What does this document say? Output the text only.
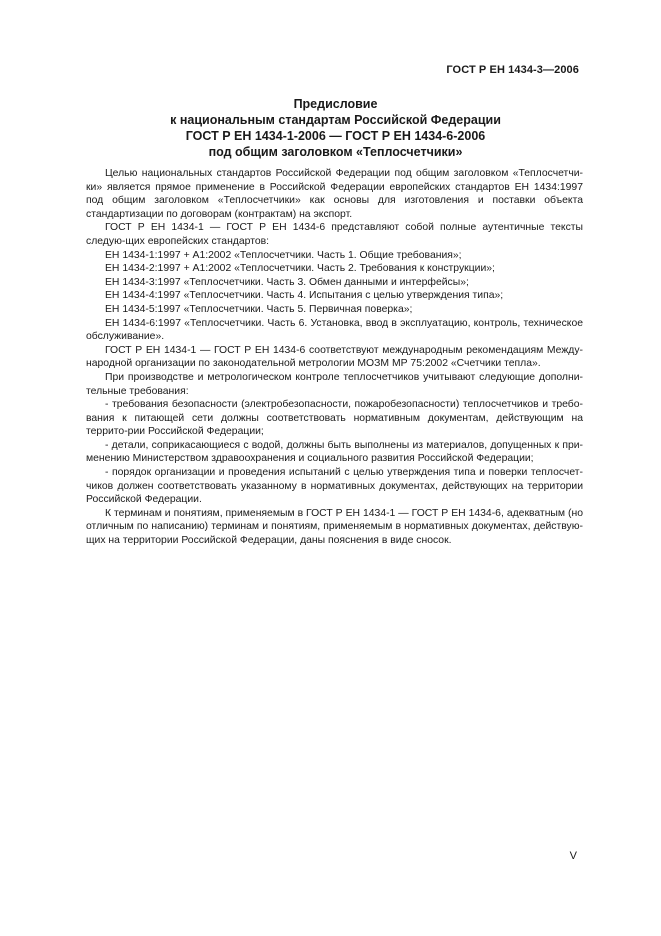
ГОСТ Р ЕН 1434-3—2006
Предисловие
к национальным стандартам Российской Федерации
ГОСТ Р ЕН 1434-1-2006 — ГОСТ Р ЕН 1434-6-2006
под общим заголовком «Теплосчетчики»

Целью национальных стандартов Российской Федерации под общим заголовком «Теплосчетчи-ки» является прямое применение в Российской Федерации европейских стандартов ЕН 1434:1997 под общим заголовком «Теплосчетчики» как основы для изготовления и поставки объекта стандартизации по договорам (контрактам) на экспорт.

ГОСТ Р ЕН 1434-1 — ГОСТ Р ЕН 1434-6 представляют собой полные аутентичные тексты следую-щих европейских стандартов:

ЕН 1434-1:1997 + А1:2002 «Теплосчетчики. Часть 1. Общие требования»;

ЕН 1434-2:1997 + А1:2002 «Теплосчетчики. Часть 2. Требования к конструкции»;

ЕН 1434-3:1997 «Теплосчетчики. Часть 3. Обмен данными и интерфейсы»;

ЕН 1434-4:1997 «Теплосчетчики. Часть 4. Испытания с целью утверждения типа»;

ЕН 1434-5:1997 «Теплосчетчики. Часть 5. Первичная поверка»;

ЕН 1434-6:1997 «Теплосчетчики. Часть 6. Установка, ввод в эксплуатацию, контроль, техническое обслуживание».

ГОСТ Р ЕН 1434-1 — ГОСТ Р ЕН 1434-6 соответствуют международным рекомендациям Между-народной организации по законодательной метрологии МОЗМ МР 75:2002 «Счетчики тепла».

При производстве и метрологическом контроле теплосчетчиков учитывают следующие дополни-тельные требования:

- требования безопасности (электробезопасности, пожаробезопасности) теплосчетчиков и требо-вания к питающей сети должны соответствовать нормативным документам, действующим на террито-рии Российской Федерации;

- детали, соприкасающиеся с водой, должны быть выполнены из материалов, допущенных к при-менению Министерством здравоохранения и социального развития Российской Федерации;

- порядок организации и проведения испытаний с целью утверждения типа и поверки теплосчет-чиков должен соответствовать указанному в нормативных документах, действующих на территории Российской Федерации.

К терминам и понятиям, применяемым в ГОСТ Р ЕН 1434-1 — ГОСТ Р ЕН 1434-6, адекватным (но отличным по написанию) терминам и понятиям, применяемым в нормативных документах, действую-щих на территории Российской Федерации, даны пояснения в виде сносок.

V
